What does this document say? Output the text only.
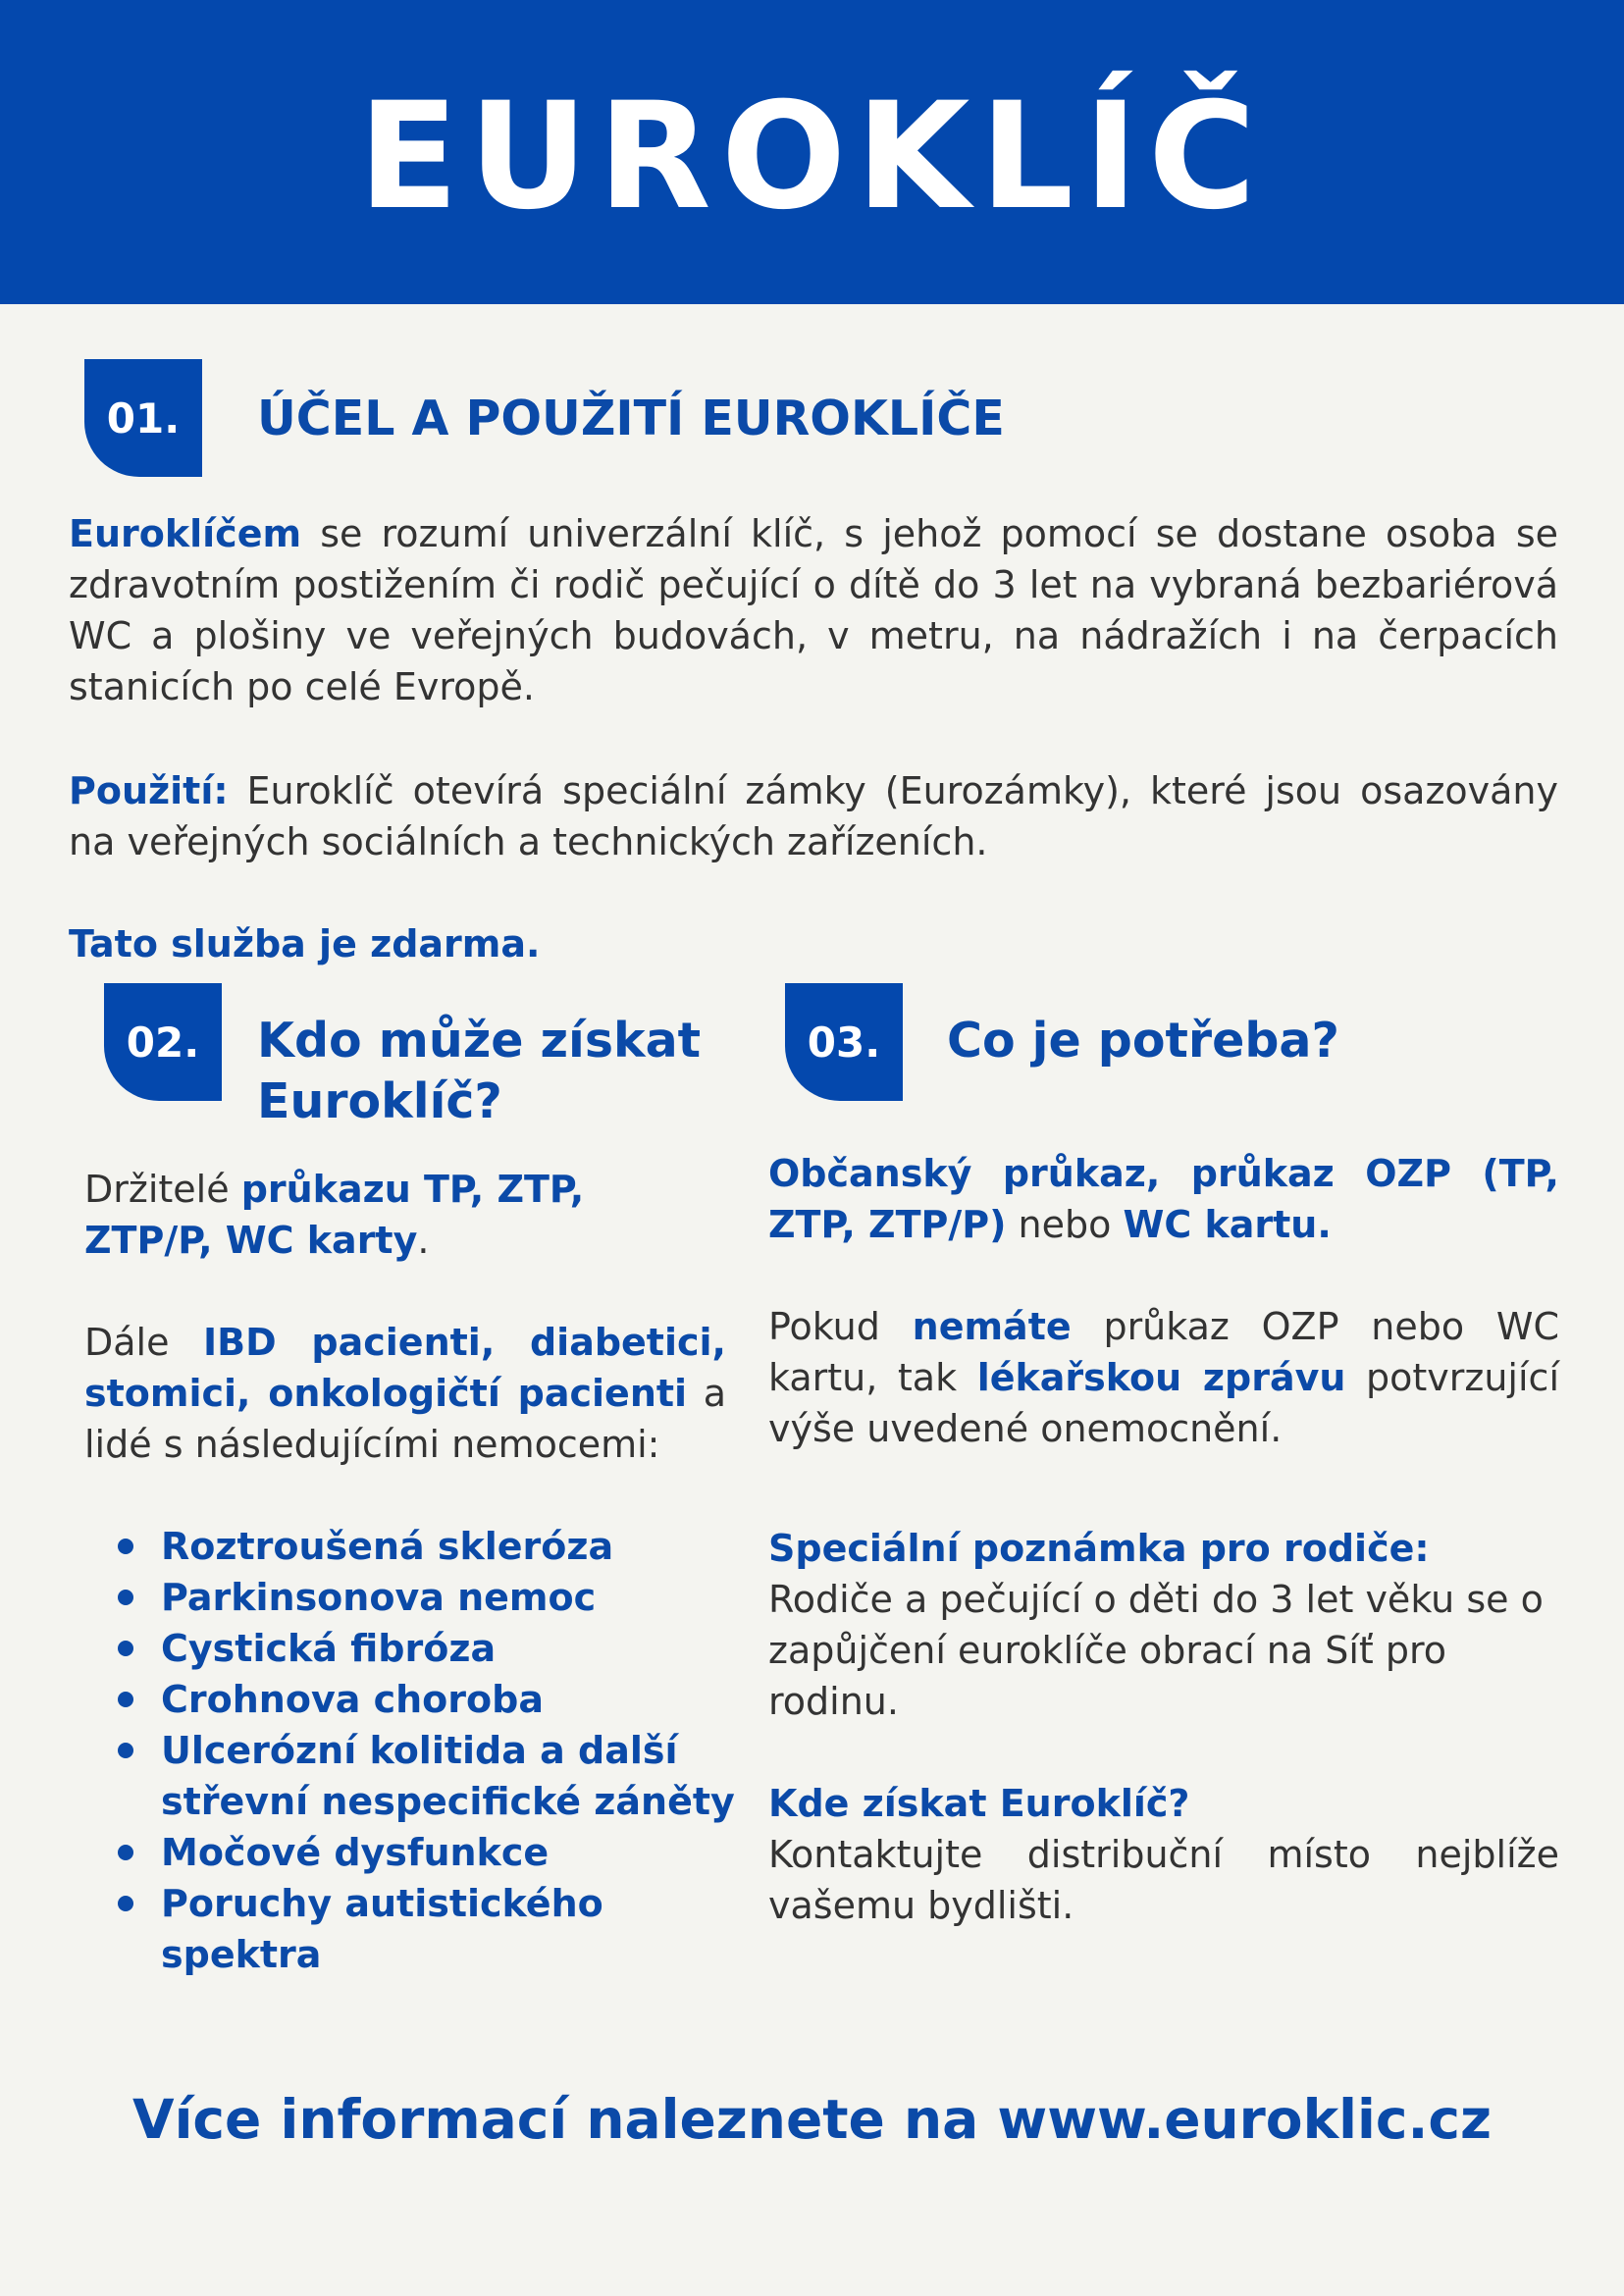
EUROKLÍČ
01.	ÚČEL A POUŽITÍ EUROKLÍČE
Euroklíčem se rozumí univerzální klíč, s jehož pomocí se dostane osoba se zdravotním postižením či rodič pečující o dítě do 3 let na vybraná bezbariérová WC a plošiny ve veřejných budovách, v metru, na nádražích i na čerpacích stanicích po celé Evropě.
Použití: Euroklíč otevírá speciální zámky (Eurozámky), které jsou osazovány na veřejných sociálních a technických zařízeních.
Tato služba je zdarma.
02.	Kdo může získat
Euroklíč?
Držitelé průkazu TP, ZTP, ZTP/P, WC karty.
Dále IBD pacienti, diabetici, stomici, onkologičtí pacienti a lidé s následujícími nemocemi:
Roztroušená skleróza
Parkinsonova nemoc
Cystická fibróza
Crohnova choroba
Ulcerózní kolitida a další střevní nespecifické záněty
Močové dysfunkce
Poruchy autistického spektra
03.	Co je potřeba?
Občanský průkaz, průkaz OZP (TP, ZTP, ZTP/P) nebo WC kartu.
Pokud nemáte průkaz OZP nebo WC kartu, tak lékařskou zprávu potvrzující výše uvedené onemocnění.
Speciální poznámka pro rodiče:
Rodiče a pečující o děti do 3 let věku se o zapůjčení euroklíče obrací na Síť pro rodinu.
Kde získat Euroklíč?
Kontaktujte distribuční místo nejblíže vašemu bydlišti.
Více informací naleznete na www.euroklic.cz
